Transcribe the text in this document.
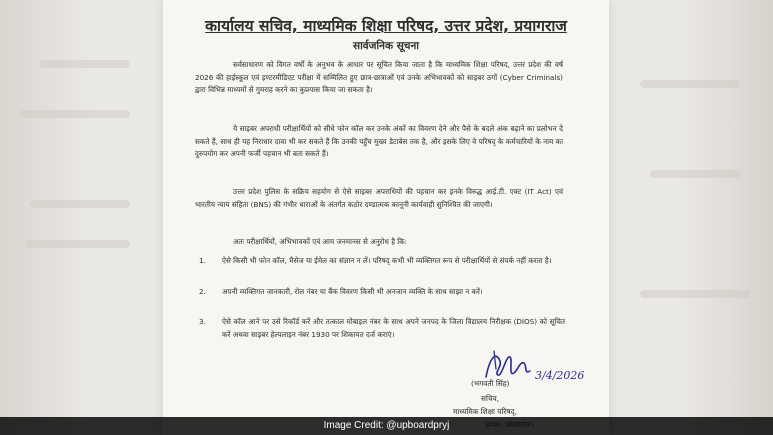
कार्यालय सचिव, माध्यमिक शिक्षा परिषद, उत्तर प्रदेश, प्रयागराज
सार्वजनिक सूचना
सर्वसाधारण को विगत वर्षों के अनुभव के आधार पर सूचित किया जाता है कि माध्यमिक शिक्षा परिषद, उत्तर प्रदेश की वर्ष 2026 की हाईस्कूल एवं इण्टरमीडिएट परीक्षा में सम्मिलित हुए छात्र-छात्राओं एवं उनके अभिभावकों को साइबर ठगों (Cyber Criminals) द्वारा विभिन्न माध्यमों से गुमराह करने का कुप्रयास किया जा सकता है।
ये साइबर अपराधी परीक्षार्थियों को सीधे फोन कॉल कर उनके अंकों का विवरण देने और पैसे के बदले अंक बढ़ाने का प्रलोभन दे सकते हैं, साथ ही यह निराधार दावा भी कर सकते हैं कि उनकी पहुँच मुख्य डेटाबेस तक है, और इसके लिए वे परिषद् के कर्मचारियों के नाम का दुरुपयोग कर अपनी फर्जी पहचान भी बता सकते हैं।
उत्तर प्रदेश पुलिस के सक्रिय सहयोग से ऐसे साइबर अपराधियों की पहचान कर इनके विरुद्ध आई.टी. एक्ट (IT Act) एवं भारतीय न्याय संहिता (BNS) की गंभीर धाराओं के अंतर्गत कठोर दण्डात्मक कानूनी कार्यवाही सुनिश्चित की जाएगी।
अतः परीक्षार्थियों, अभिभावकों एवं आम जनमानस से अनुरोध है कि:
1. ऐसे किसी भी फोन कॉल, मैसेज या ईमेल का संज्ञान न लें। परिषद् कभी भी व्यक्तिगत रूप से परीक्षार्थियों से संपर्क नहीं करता है।
2. अपनी व्यक्तिगत जानकारी, रोल नंबर या बैंक विवरण किसी भी अनजान व्यक्ति के साथ साझा न करें।
3. ऐसे कॉल आने पर उसे रिकॉर्ड करें और तत्काल मोबाइल नंबर के साथ अपने जनपद के जिला विद्यालय निरीक्षक (DIOS) को सूचित करें अथवा साइबर हेल्पलाइन नंबर 1930 पर शिकायत दर्ज कराएं।
3/4/2026
(भगवती सिंह)
सचिव,
माध्यमिक शिक्षा परिषद्,
Image Credit: @upboardpryj
